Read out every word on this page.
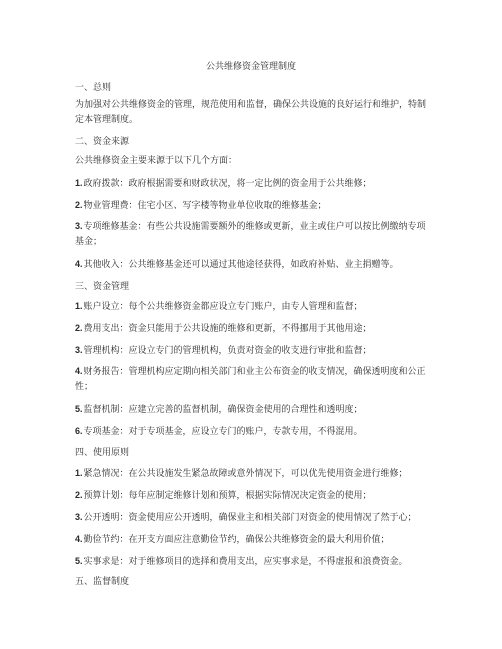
公共维修资金管理制度
一、总则
为加强对公共维修资金的管理，规范使用和监督，确保公共设施的良好运行和维护，特制定本管理制度。
二、资金来源
公共维修资金主要来源于以下几个方面：
1.政府拨款：政府根据需要和财政状况，将一定比例的资金用于公共维修；
2.物业管理费：住宅小区、写字楼等物业单位收取的维修基金；
3.专项维修基金：有些公共设施需要额外的维修或更新，业主或住户可以按比例缴纳专项基金；
4.其他收入：公共维修基金还可以通过其他途径获得，如政府补贴、业主捐赠等。
三、资金管理
1.账户设立：每个公共维修资金都应设立专门账户，由专人管理和监督；
2.费用支出：资金只能用于公共设施的维修和更新，不得挪用于其他用途；
3.管理机构：应设立专门的管理机构，负责对资金的收支进行审批和监督；
4.财务报告：管理机构应定期向相关部门和业主公布资金的收支情况，确保透明度和公正性；
5.监督机制：应建立完善的监督机制，确保资金使用的合理性和透明度；
6.专项基金：对于专项基金，应设立专门的账户，专款专用，不得混用。
四、使用原则
1.紧急情况：在公共设施发生紧急故障或意外情况下，可以优先使用资金进行维修；
2.预算计划：每年应制定维修计划和预算，根据实际情况决定资金的使用；
3.公开透明：资金使用应公开透明，确保业主和相关部门对资金的使用情况了然于心；
4.勤俭节约：在开支方面应注意勤俭节约，确保公共维修资金的最大利用价值；
5.实事求是：对于维修项目的选择和费用支出，应实事求是，不得虚报和浪费资金。
五、监督制度
